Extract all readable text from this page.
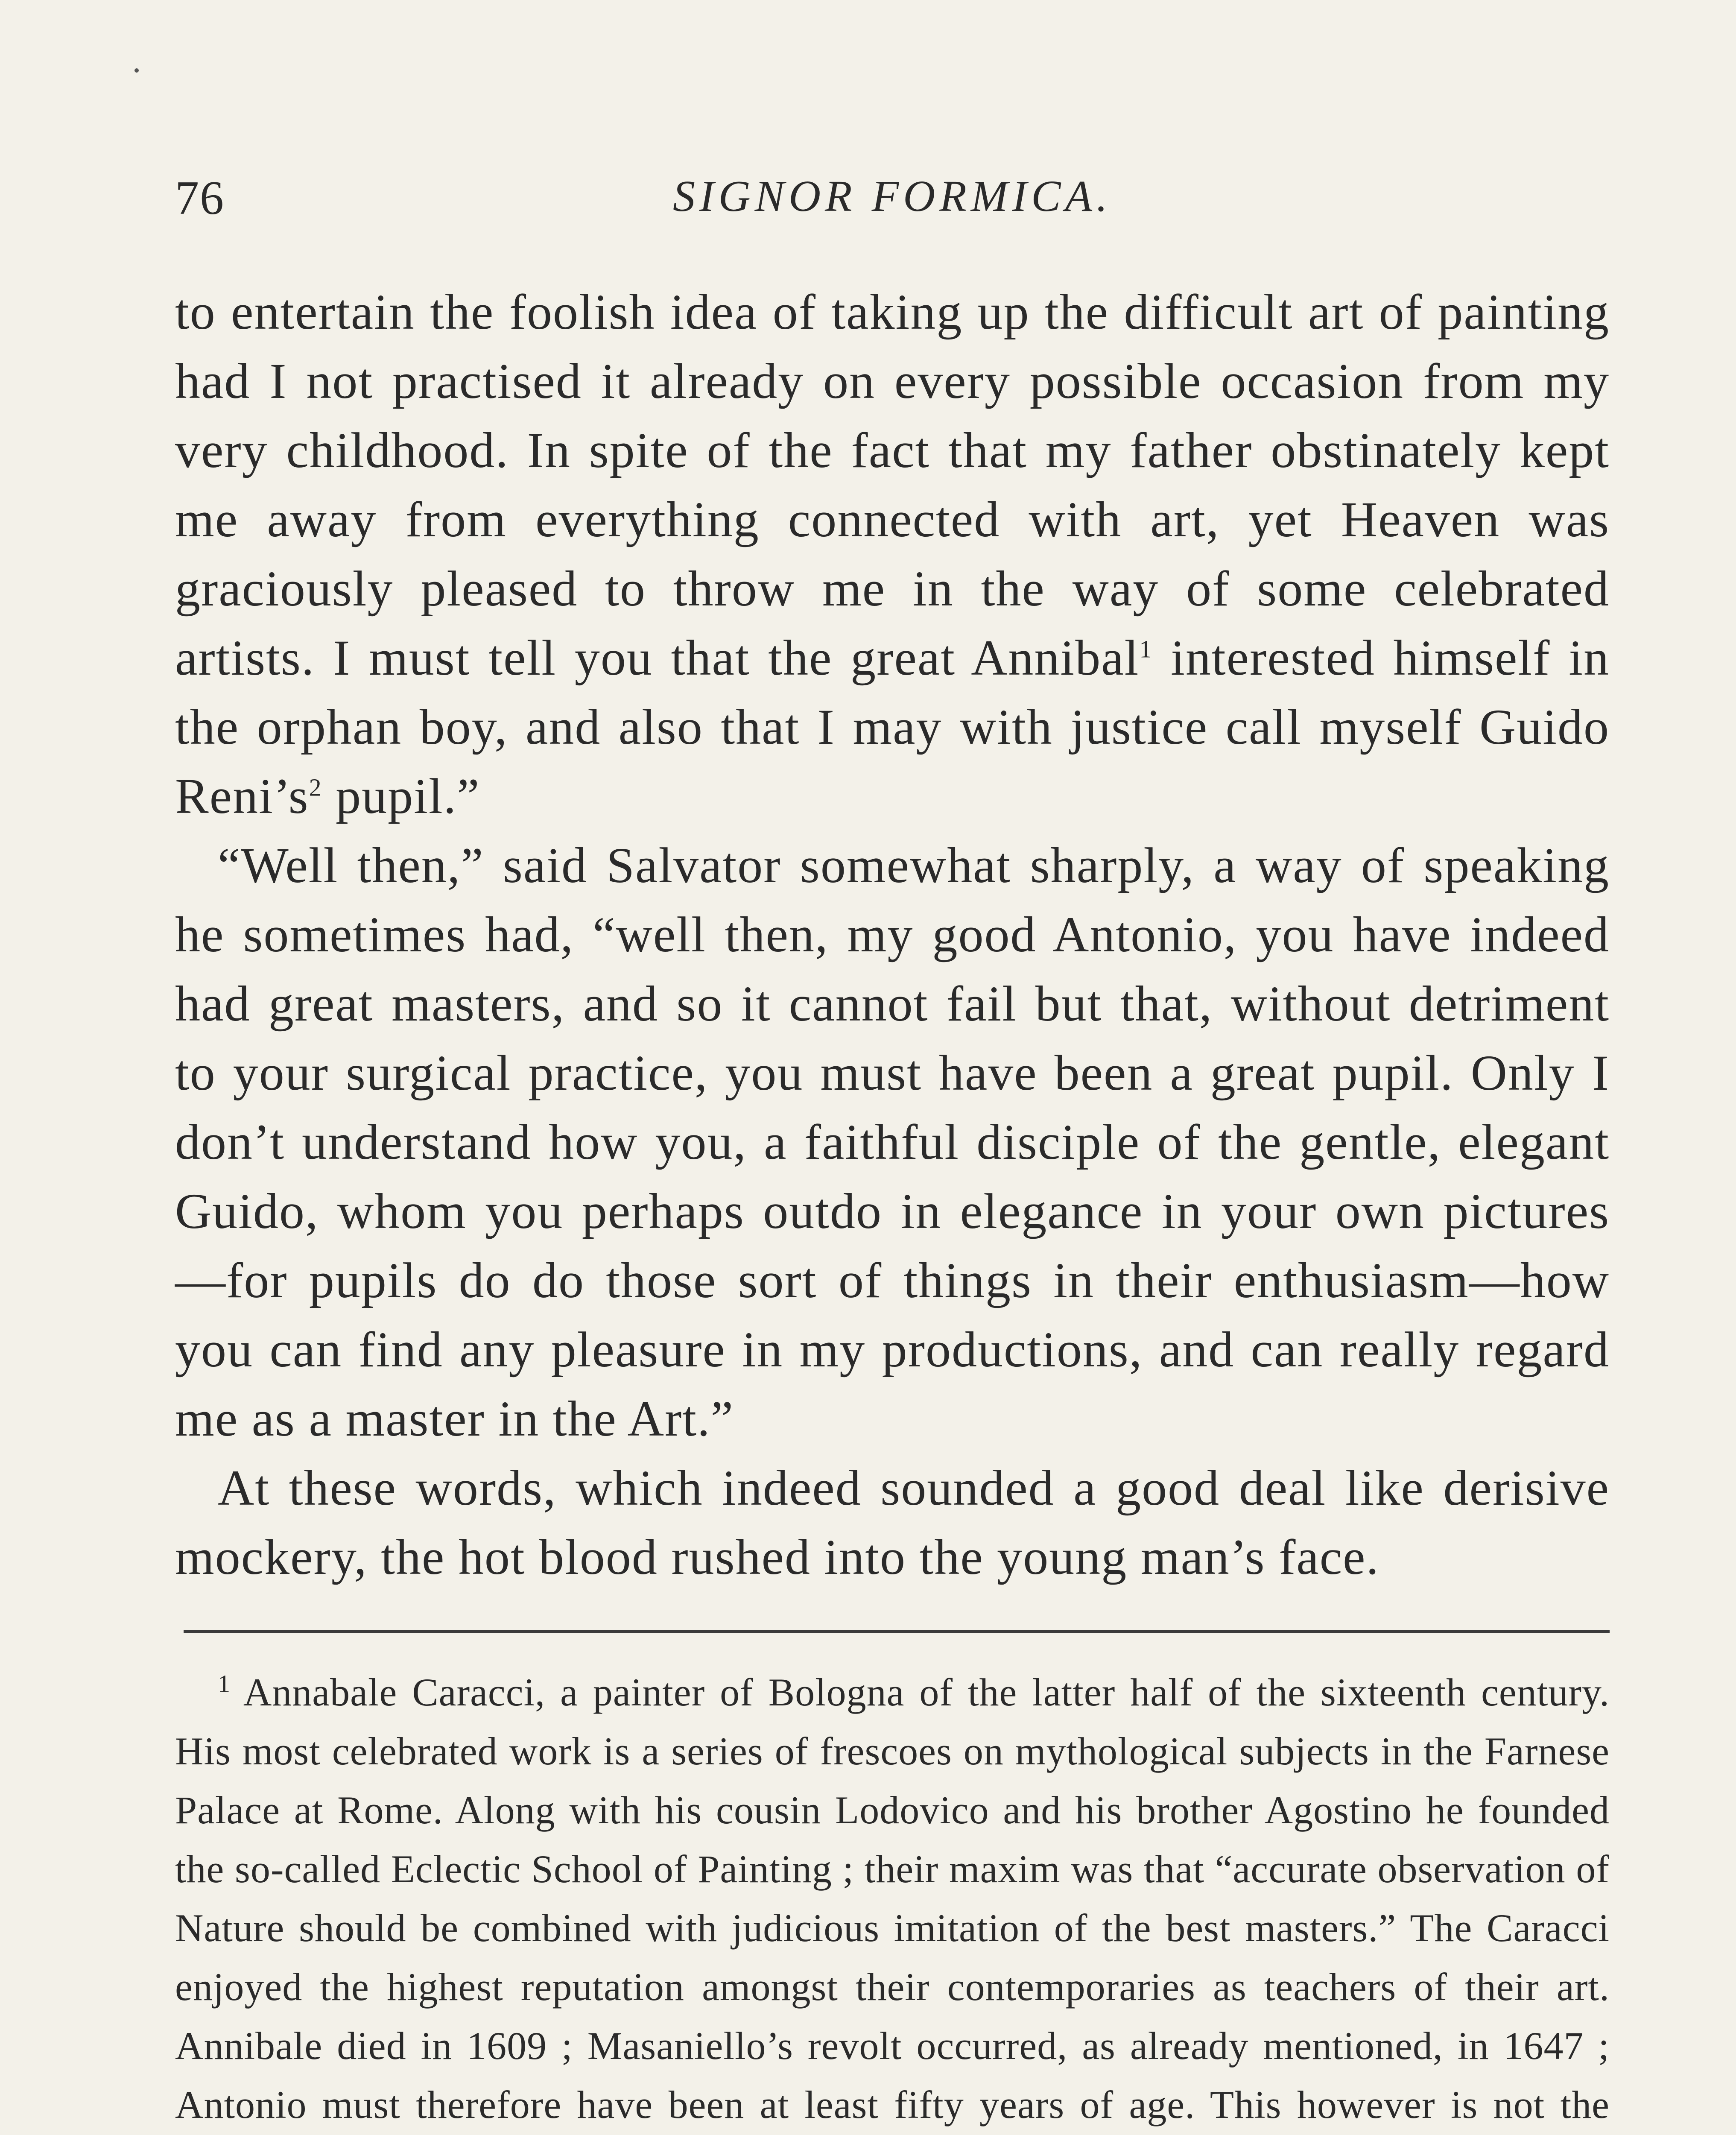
76	SIGNOR FORMICA.

to entertain the foolish idea of taking up the difficult art of painting had I not practised it already on every possible occasion from my very childhood. In spite of the fact that my father obstinately kept me away from everything connected with art, yet Heaven was graciously pleased to throw me in the way of some celebrated artists. I must tell you that the great Annibal$^1$ interested himself in the orphan boy, and also that I may with justice call myself Guido $Reni’s^2$ pupil.”

“Well then,” said Salvator somewhat sharply, a way of speaking he sometimes had, “well then, my good Antonio, you have indeed had great masters, and so it cannot fail but that, without detriment to your surgical practice, you must have been a great pupil. Only I don’t understand how you, a faithful disciple of the gentle, elegant Guido, whom you perhaps outdo in elegance in your own pictures—for pupils do do those sort of things in their enthusiasm—how you can find any pleasure in my productions, and can really regard me as a master in the Art.”

At these words, which indeed sounded a good deal like derisive mockery, the hot blood rushed into the young man’s face.

$^1$ Annabale Caracci, a painter of Bologna of the latter half of the sixteenth century. His most celebrated work is a series of frescoes on mythological subjects in the Farnese Palace at Rome. Along with his cousin Lodovico and his brother Agostino he founded the so-called Eclectic School of Painting ; their maxim was that “accurate observation of Nature should be combined with judicious imitation of the best masters.” The Caracci enjoyed the highest reputation amongst their contemporaries as teachers of their art. Annibale died in 1609 ; Masaniello’s revolt occurred, as already mentioned, in 1647 ; Antonio must therefore have been at least fifty years of age. This however is not the
